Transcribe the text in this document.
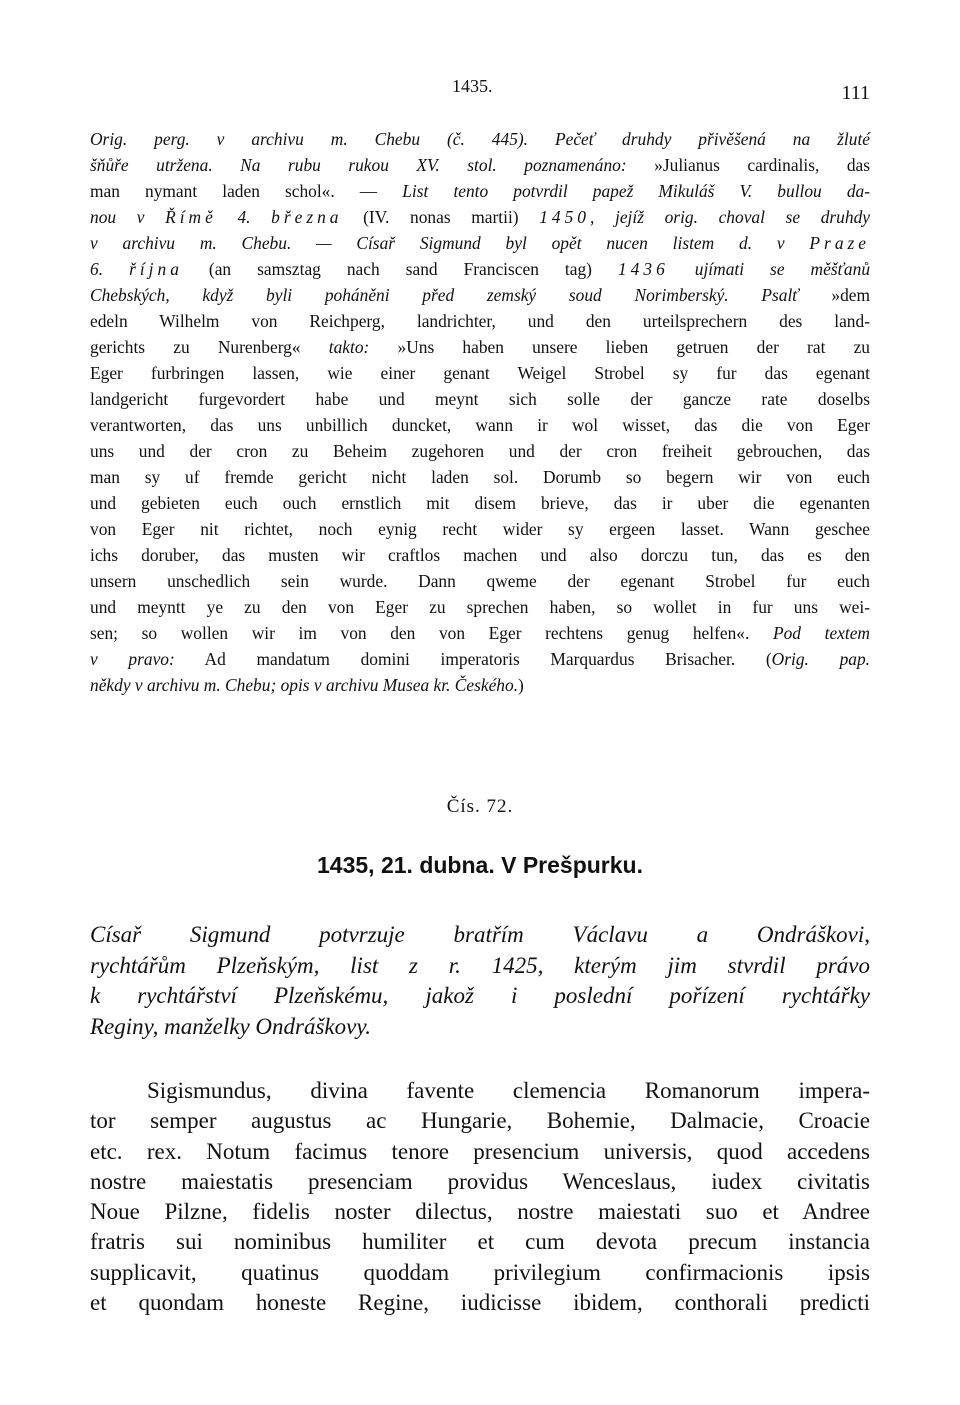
1435.	111
Orig. perg. v archivu m. Chebu (č. 445). Pečeť druhdy přivěšená na žluté
šňůře utržena. Na rubu rukou XV. stol. poznamenáno: »Julianus cardinalis, das
man nymant laden schol«. — List tento potvrdil papež Mikuláš V. bullou da-
nou v Římě 4. března (IV. nonas martii) 1450, jejíž orig. choval se druhdy
v archivu m. Chebu. — Císař Sigmund byl opět nucen listem d. v Praze
6. října (an samsztag nach sand Franciscen tag) 1436 ujímati se měšťanů
Chebských, když byli poháněni před zemský soud Norimberský. Psalť »dem
edeln Wilhelm von Reichperg, landrichter, und den urteilsprechern des land-
gerichts zu Nurenberg« takto: »Uns haben unsere lieben getruen der rat zu
Eger furbringen lassen, wie einer genant Weigel Strobel sy fur das egenant
landgericht furgevordert habe und meynt sich solle der gancze rate doselbs
verantworten, das uns unbillich duncket, wann ir wol wisset, das die von Eger
uns und der cron zu Beheim zugehoren und der cron freiheit gebrouchen, das
man sy uf fremde gericht nicht laden sol. Dorumb so begern wir von euch
und gebieten euch ouch ernstlich mit disem brieve, das ir uber die egenanten
von Eger nit richtet, noch eynig recht wider sy ergeen lasset. Wann geschee
ichs doruber, das musten wir craftlos machen und also dorczu tun, das es den
unsern unschedlich sein wurde. Dann qweme der egenant Strobel fur euch
und meyntt ye zu den von Eger zu sprechen haben, so wollet in fur uns wei-
sen; so wollen wir im von den von Eger rechtens genug helfen«. Pod textem
v pravo: Ad mandatum domini imperatoris Marquardus Brisacher. (Orig. pap.
někdy v archivu m. Chebu; opis v archivu Musea kr. Českého.)
Čís. 72.
1435, 21. dubna. V Prešpurku.
Císař Sigmund potvrzuje bratřím Václavu a Ondráškovi,
rychtářům Plzeňským, list z r. 1425, kterým jim stvrdil právo
k rychtářství Plzeňskému, jakož i poslední pořízení rychtářky
Reginy, manželky Ondráškovy.
Sigismundus, divina favente clemencia Romanorum impera-
tor semper augustus ac Hungarie, Bohemie, Dalmacie, Croacie
etc. rex. Notum facimus tenore presencium universis, quod accedens
nostre maiestatis presenciam providus Wenceslaus, iudex civitatis
Noue Pilzne, fidelis noster dilectus, nostre maiestati suo et Andree
fratris sui nominibus humiliter et cum devota precum instancia
supplicavit, quatinus quoddam privilegium confirmacionis ipsis
et quondam honeste Regine, iudicisse ibidem, conthorali predicti
